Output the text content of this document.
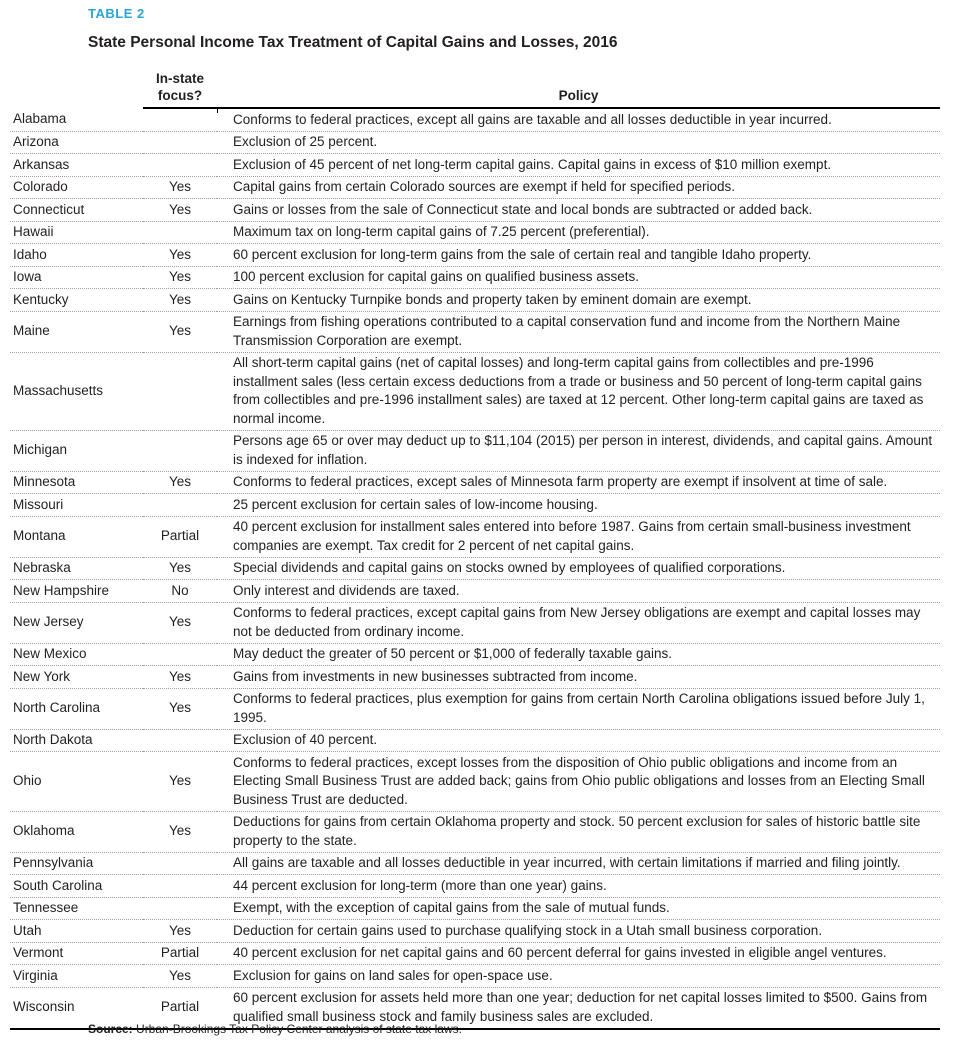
TABLE 2
State Personal Income Tax Treatment of Capital Gains and Losses, 2016
	In-state focus?	Policy
Alabama		Conforms to federal practices, except all gains are taxable and all losses deductible in year incurred.
Arizona		Exclusion of 25 percent.
Arkansas		Exclusion of 45 percent of net long-term capital gains. Capital gains in excess of $10 million exempt.
Colorado	Yes	Capital gains from certain Colorado sources are exempt if held for specified periods.
Connecticut	Yes	Gains or losses from the sale of Connecticut state and local bonds are subtracted or added back.
Hawaii		Maximum tax on long-term capital gains of 7.25 percent (preferential).
Idaho	Yes	60 percent exclusion for long-term gains from the sale of certain real and tangible Idaho property.
Iowa	Yes	100 percent exclusion for capital gains on qualified business assets.
Kentucky	Yes	Gains on Kentucky Turnpike bonds and property taken by eminent domain are exempt.
Maine	Yes	Earnings from fishing operations contributed to a capital conservation fund and income from the Northern Maine Transmission Corporation are exempt.
Massachusetts		All short-term capital gains (net of capital losses) and long-term capital gains from collectibles and pre-1996 installment sales (less certain excess deductions from a trade or business and 50 percent of long-term capital gains from collectibles and pre-1996 installment sales) are taxed at 12 percent. Other long-term capital gains are taxed as normal income.
Michigan		Persons age 65 or over may deduct up to $11,104 (2015) per person in interest, dividends, and capital gains. Amount is indexed for inflation.
Minnesota	Yes	Conforms to federal practices, except sales of Minnesota farm property are exempt if insolvent at time of sale.
Missouri		25 percent exclusion for certain sales of low-income housing.
Montana	Partial	40 percent exclusion for installment sales entered into before 1987. Gains from certain small-business investment companies are exempt. Tax credit for 2 percent of net capital gains.
Nebraska	Yes	Special dividends and capital gains on stocks owned by employees of qualified corporations.
New Hampshire	No	Only interest and dividends are taxed.
New Jersey	Yes	Conforms to federal practices, except capital gains from New Jersey obligations are exempt and capital losses may not be deducted from ordinary income.
New Mexico		May deduct the greater of 50 percent or $1,000 of federally taxable gains.
New York	Yes	Gains from investments in new businesses subtracted from income.
North Carolina	Yes	Conforms to federal practices, plus exemption for gains from certain North Carolina obligations issued before July 1, 1995.
North Dakota		Exclusion of 40 percent.
Ohio	Yes	Conforms to federal practices, except losses from the disposition of Ohio public obligations and income from an Electing Small Business Trust are added back; gains from Ohio public obligations and losses from an Electing Small Business Trust are deducted.
Oklahoma	Yes	Deductions for gains from certain Oklahoma property and stock. 50 percent exclusion for sales of historic battle site property to the state.
Pennsylvania		All gains are taxable and all losses deductible in year incurred, with certain limitations if married and filing jointly.
South Carolina		44 percent exclusion for long-term (more than one year) gains.
Tennessee		Exempt, with the exception of capital gains from the sale of mutual funds.
Utah	Yes	Deduction for certain gains used to purchase qualifying stock in a Utah small business corporation.
Vermont	Partial	40 percent exclusion for net capital gains and 60 percent deferral for gains invested in eligible angel ventures.
Virginia	Yes	Exclusion for gains on land sales for open-space use.
Wisconsin	Partial	60 percent exclusion for assets held more than one year; deduction for net capital losses limited to $500. Gains from qualified small business stock and family business sales are excluded.
Source: Urban-Brookings Tax Policy Center analysis of state tax laws.
